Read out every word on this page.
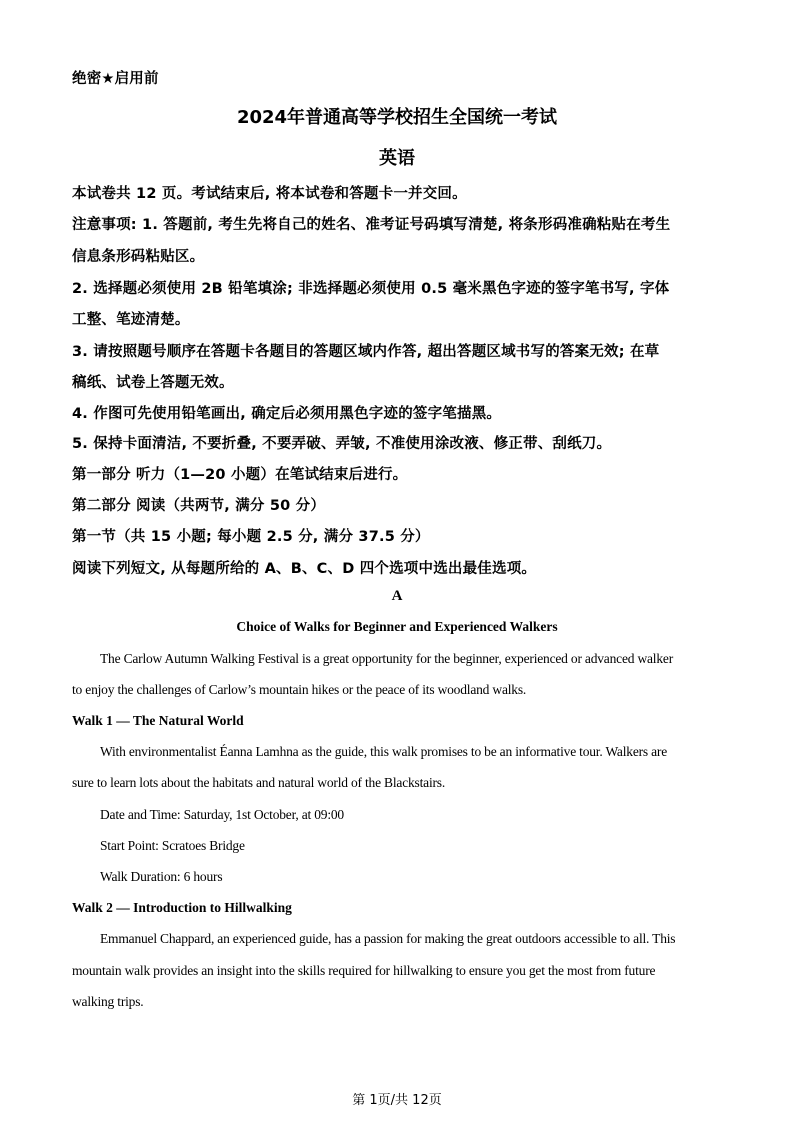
绝密★启用前
2024年普通高等学校招生全国统一考试
英语
本试卷共 12 页。考试结束后, 将本试卷和答题卡一并交回。
注意事项: 1. 答题前, 考生先将自己的姓名、准考证号码填写清楚, 将条形码准确粘贴在考生
信息条形码粘贴区。
2. 选择题必须使用 2B 铅笔填涂; 非选择题必须使用 0.5 毫米黑色字迹的签字笔书写, 字体
工整、笔迹清楚。
3. 请按照题号顺序在答题卡各题目的答题区域内作答, 超出答题区域书写的答案无效; 在草
稿纸、试卷上答题无效。
4. 作图可先使用铅笔画出, 确定后必须用黑色字迹的签字笔描黑。
5. 保持卡面清洁, 不要折叠, 不要弄破、弄皱, 不准使用涂改液、修正带、刮纸刀。
第一部分 听力（1—20 小题）在笔试结束后进行。
第二部分 阅读（共两节, 满分 50 分）
第一节（共 15 小题; 每小题 2.5 分, 满分 37.5 分）
阅读下列短文, 从每题所给的 A、B、C、D 四个选项中选出最佳选项。
A
Choice of Walks for Beginner and Experienced Walkers
The Carlow Autumn Walking Festival is a great opportunity for the beginner, experienced or advanced walker
to enjoy the challenges of Carlow’s mountain hikes or the peace of its woodland walks.
Walk 1 — The Natural World
With environmentalist Éanna Lamhna as the guide, this walk promises to be an informative tour. Walkers are
sure to learn lots about the habitats and natural world of the Blackstairs.
Date and Time: Saturday, 1st October, at 09:00
Start Point: Scratoes Bridge
Walk Duration: 6 hours
Walk 2 — Introduction to Hillwalking
Emmanuel Chappard, an experienced guide, has a passion for making the great outdoors accessible to all. This
mountain walk provides an insight into the skills required for hillwalking to ensure you get the most from future
walking trips.
第 1页/共 12页
